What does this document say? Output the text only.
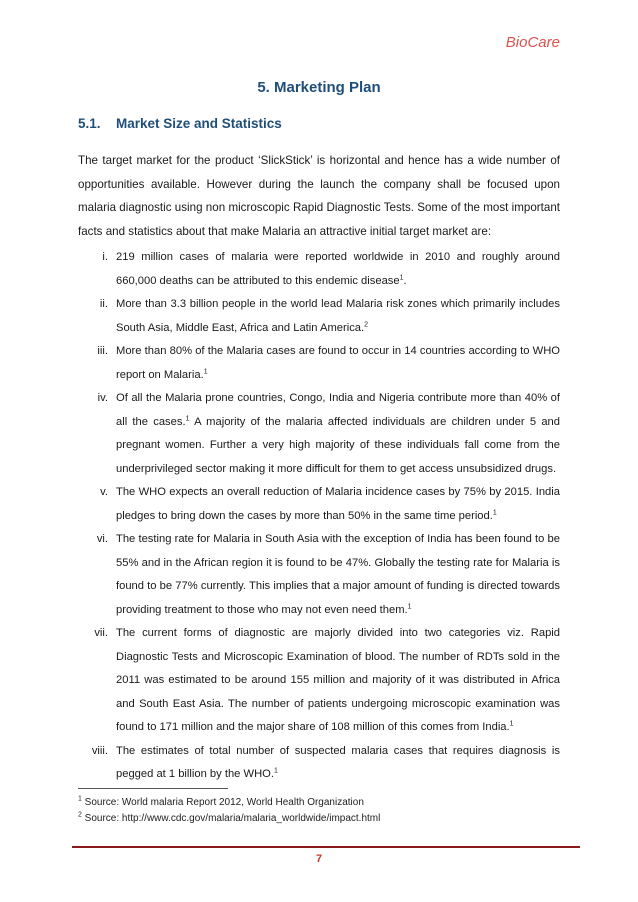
BioCare
5. Marketing Plan
5.1. Market Size and Statistics

The target market for the product ‘SlickStick’ is horizontal and hence has a wide number of opportunities available. However during the launch the company shall be focused upon malaria diagnostic using non microscopic Rapid Diagnostic Tests. Some of the most important facts and statistics about that make Malaria an attractive initial target market are:

i. 219 million cases of malaria were reported worldwide in 2010 and roughly around 660,000 deaths can be attributed to this endemic disease$^1$.
ii. More than 3.3 billion people in the world lead Malaria risk zones which primarily includes South Asia, Middle East, Africa and Latin America.$^2$
iii. More than 80% of the Malaria cases are found to occur in 14 countries according to WHO report on Malaria.$^1$
iv. Of all the Malaria prone countries, Congo, India and Nigeria contribute more than 40% of all the cases.$^1$ A majority of the malaria affected individuals are children under 5 and pregnant women. Further a very high majority of these individuals fall come from the underprivileged sector making it more difficult for them to get access unsubsidized drugs.
v. The WHO expects an overall reduction of Malaria incidence cases by 75% by 2015. India pledges to bring down the cases by more than 50% in the same time period.$^1$
vi. The testing rate for Malaria in South Asia with the exception of India has been found to be 55% and in the African region it is found to be 47%. Globally the testing rate for Malaria is found to be 77% currently. This implies that a major amount of funding is directed towards providing treatment to those who may not even need them.$^1$
vii. The current forms of diagnostic are majorly divided into two categories viz. Rapid Diagnostic Tests and Microscopic Examination of blood. The number of RDTs sold in the 2011 was estimated to be around 155 million and majority of it was distributed in Africa and South East Asia. The number of patients undergoing microscopic examination was found to 171 million and the major share of 108 million of this comes from India.$^1$
viii. The estimates of total number of suspected malaria cases that requires diagnosis is pegged at 1 billion by the WHO.$^1$
$^1$ Source: World malaria Report 2012, World Health Organization
$^2$ Source: http://www.cdc.gov/malaria/malaria_worldwide/impact.html
7
